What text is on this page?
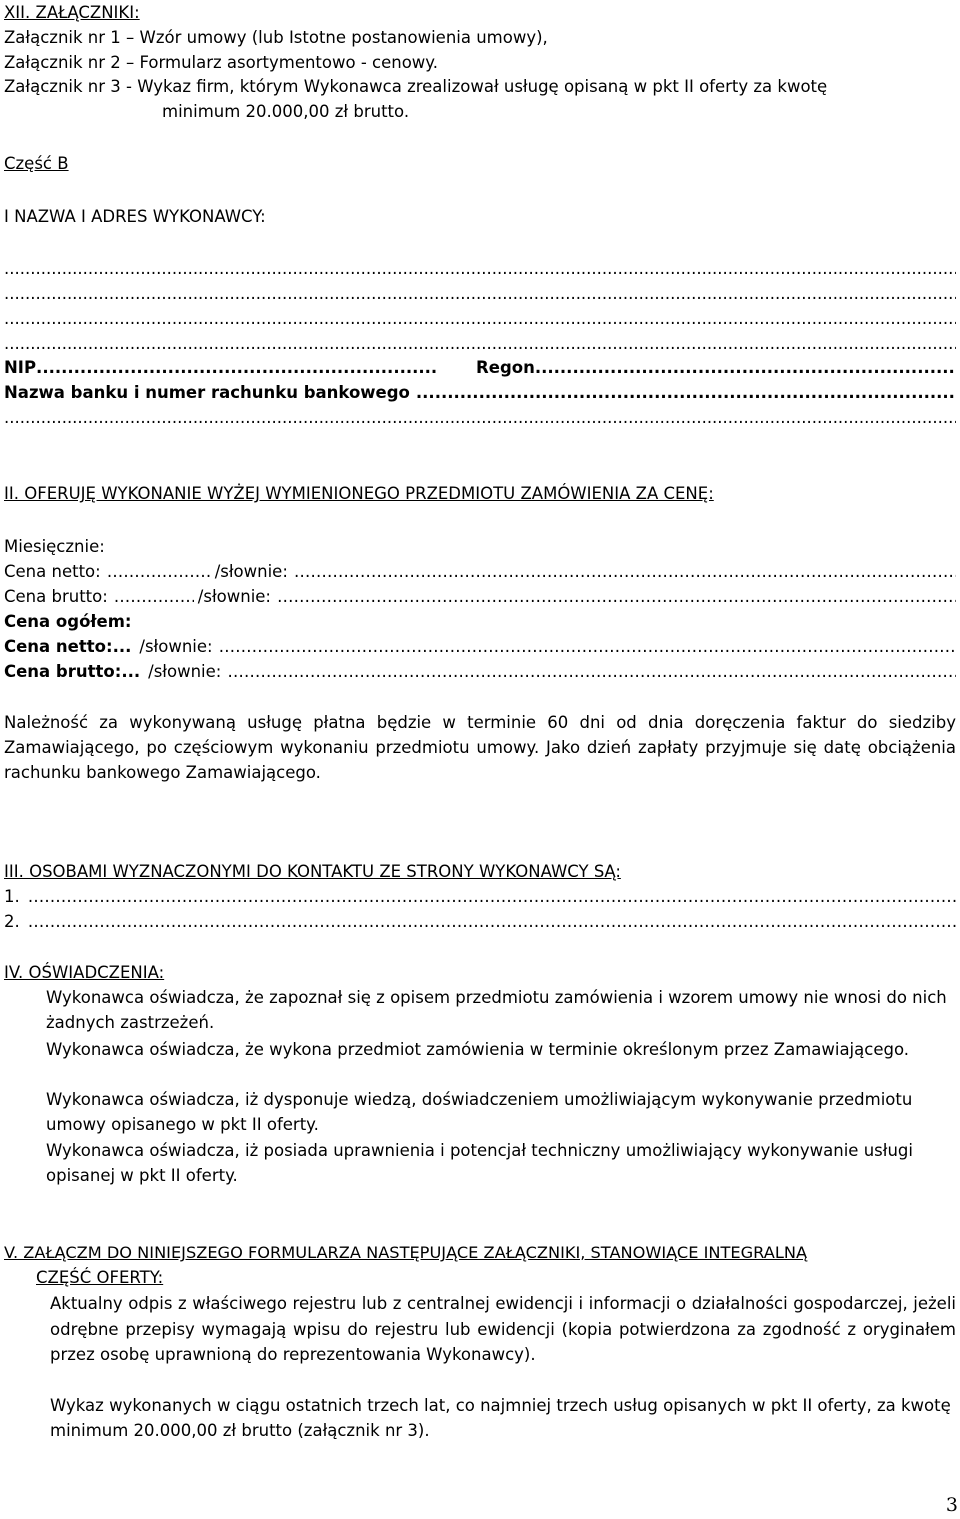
XII. ZAŁĄCZNIKI:
Załącznik nr 1 – Wzór umowy (lub Istotne postanowienia umowy),
Załącznik nr 2 – Formularz asortymentowo - cenowy.
Załącznik nr 3 - Wykaz firm, którym Wykonawca zrealizował usługę opisaną w pkt II oferty za kwotę
minimum 20.000,00 zł brutto.
Część B
I NAZWA I ADRES WYKONAWCY:
.....
.....
.....
.....
NIP .....	Regon
.....
Nazwa banku i numer rachunku bankowego
.....
.....
II. OFERUJĘ WYKONANIE WYŻEJ WYMIENIONEGO PRZEDMIOTU ZAMÓWIENIA ZA CENĘ:
Miesięcznie:
Cena netto: ……………………………………………………………………………………………………………………………………………………………	/słownie:
……………………………………………………………………………………………………………………………………………………………
Cena brutto: ……………………………………………………………………………………………………………………………………………………………	/słownie:
……………………………………………………………………………………………………………………………………………………………
Cena ogółem:
Cena netto:... /słownie:
……………………………………………………………………………………………………………………………………………………………
Cena brutto:... /słownie:
……………………………………………………………………………………………………………………………………………………………
Należność za wykonywaną usługę płatna będzie w terminie 60 dni od dnia doręczenia faktur do siedziby Zamawiającego, po częściowym wykonaniu przedmiotu umowy. Jako dzień zapłaty przyjmuje się datę obciążenia rachunku bankowego Zamawiającego.
III. OSOBAMI WYZNACZONYMI DO KONTAKTU ZE STRONY WYKONAWCY SĄ:
1.
……………………………………………………………………………………………………………………………………………………………
2.
……………………………………………………………………………………………………………………………………………………………
IV. OŚWIADCZENIA:
Wykonawca oświadcza, że zapoznał się z opisem przedmiotu zamówienia i wzorem umowy nie wnosi do nich żadnych zastrzeżeń.
Wykonawca oświadcza, że wykona przedmiot zamówienia w terminie określonym przez Zamawiającego.
Wykonawca oświadcza, iż dysponuje wiedzą, doświadczeniem umożliwiającym wykonywanie przedmiotu umowy opisanego w pkt II oferty.
Wykonawca oświadcza, iż posiada uprawnienia i potencjał techniczny umożliwiający wykonywanie usługi opisanej w pkt II oferty.
V. ZAŁĄCZM DO NINIEJSZEGO FORMULARZA NASTĘPUJĄCE ZAŁĄCZNIKI, STANOWIĄCE INTEGRALNĄ
CZĘŚĆ OFERTY:
Aktualny odpis z właściwego rejestru lub z centralnej ewidencji i informacji o działalności gospodarczej, jeżeli odrębne przepisy wymagają wpisu do rejestru lub ewidencji (kopia potwierdzona za zgodność z oryginałem przez osobę uprawnioną do reprezentowania Wykonawcy).
Wykaz wykonanych w ciągu ostatnich trzech lat, co najmniej trzech usług opisanych w pkt II oferty, za kwotę minimum 20.000,00 zł brutto (załącznik nr 3).
3
